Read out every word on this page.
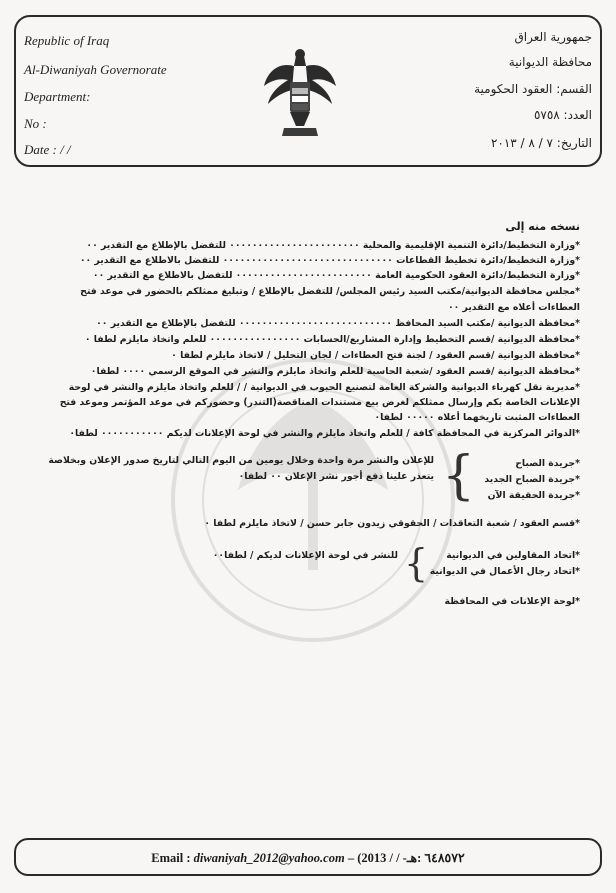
Republic of Iraq
Al-Diwaniyah Governorate
Department:
No :
Date : / /
جمهورية العراق
محافظة الديوانية
القسم: العقود الحكومية
العدد: ٥٧٥٨
التاريخ: ٧ / ٨ / ٢٠١٣
نسخه منه إلى
*وزارة التخطيط/دائرة التنمية الإقليمية والمحلية ٠٠٠٠٠٠٠٠٠٠٠٠٠٠٠٠٠٠٠٠٠٠٠ للتفضل بالإطلاع مع التقدير ٠٠
*وزارة التخطيط/دائرة تخطيط القطاعات ٠٠٠٠٠٠٠٠٠٠٠٠٠٠٠٠٠٠٠٠٠٠٠٠٠٠٠٠٠٠ للتفضل بالاطلاع مع التقدير ٠٠
*وزارة التخطيط/دائرة العقود الحكومية العامة ٠٠٠٠٠٠٠٠٠٠٠٠٠٠٠٠٠٠٠٠٠٠٠٠ للتفضل بالاطلاع مع التقدير ٠٠
*مجلس محافظة الديوانية/مكتب السيد رئيس المجلس/ للتفضل بالإطلاع / وتبليغ ممثلكم بالحضور في موعد فتح
العطاءات أعلاه مع التقدير ٠٠
*محافظة الديوانية /مكتب السيد المحافظ ٠٠٠٠٠٠٠٠٠٠٠٠٠٠٠٠٠٠٠٠٠٠٠٠٠٠٠ للتفضل بالإطلاع مع التقدير ٠٠
*محافظة الديوانية /قسم التخطيط وإدارة المشاريع/الحسابات ٠٠٠٠٠٠٠٠٠٠٠٠٠٠٠٠ للعلم واتخاذ مايلزم لطفا ٠
*محافظة الديوانية /قسم العقود / لجنة فتح العطاءات / لجان التحليل / لاتخاذ مايلزم لطفا ٠
*محافظة الديوانية /قسم العقود /شعبة الحاسبة للعلم واتخاذ مايلزم والنشر في الموقع الرسمي ٠٠٠٠ لطفا٠
*مديرية نقل كهرباء الديوانية والشركة العامة لتصنيع الحبوب في الديوانية / / للعلم واتخاذ مايلزم والنشر في لوحة
الإعلانات الخاصة بكم وإرسال ممثلكم لغرض بيع مستندات المناقصة(التندر) وحضوركم في موعد المؤتمر وموعد فتح
العطاءات المثبت تاريخهما أعلاه ٠٠٠٠٠ لطفا٠
*الدوائر المركزية في المحافظة كافة / للعلم واتخاذ مايلزم والنشر في لوحة الإعلانات لديكم ٠٠٠٠٠٠٠٠٠٠٠ لطفا٠
*جريدة الصباح
*جريدة الصباح الجديد
*جريدة الحقيقة الآن
{
للإعلان والنشر مرة واحدة وخلال يومين من اليوم التالي لتاريخ صدور الإعلان وبخلاصة
يتعذر علينا دفع أجور نشر الإعلان ٠٠ لطفا٠
*قسم العقود / شعبة التعاقدات / الحقوقي زيدون جابر حسن / لاتخاذ مايلزم لطفا ٠
*اتحاد المقاولين في الديوانية
*اتحاد رجال الأعمال في الديوانية
{
للنشر في لوحة الإعلانات لديكم / لطفا٠٠
*لوحة الإعلانات في المحافظة
Email : diwaniyah_2012@yahoo.com – (2013 / / -٦٤٨٥٧٢ :هـ
